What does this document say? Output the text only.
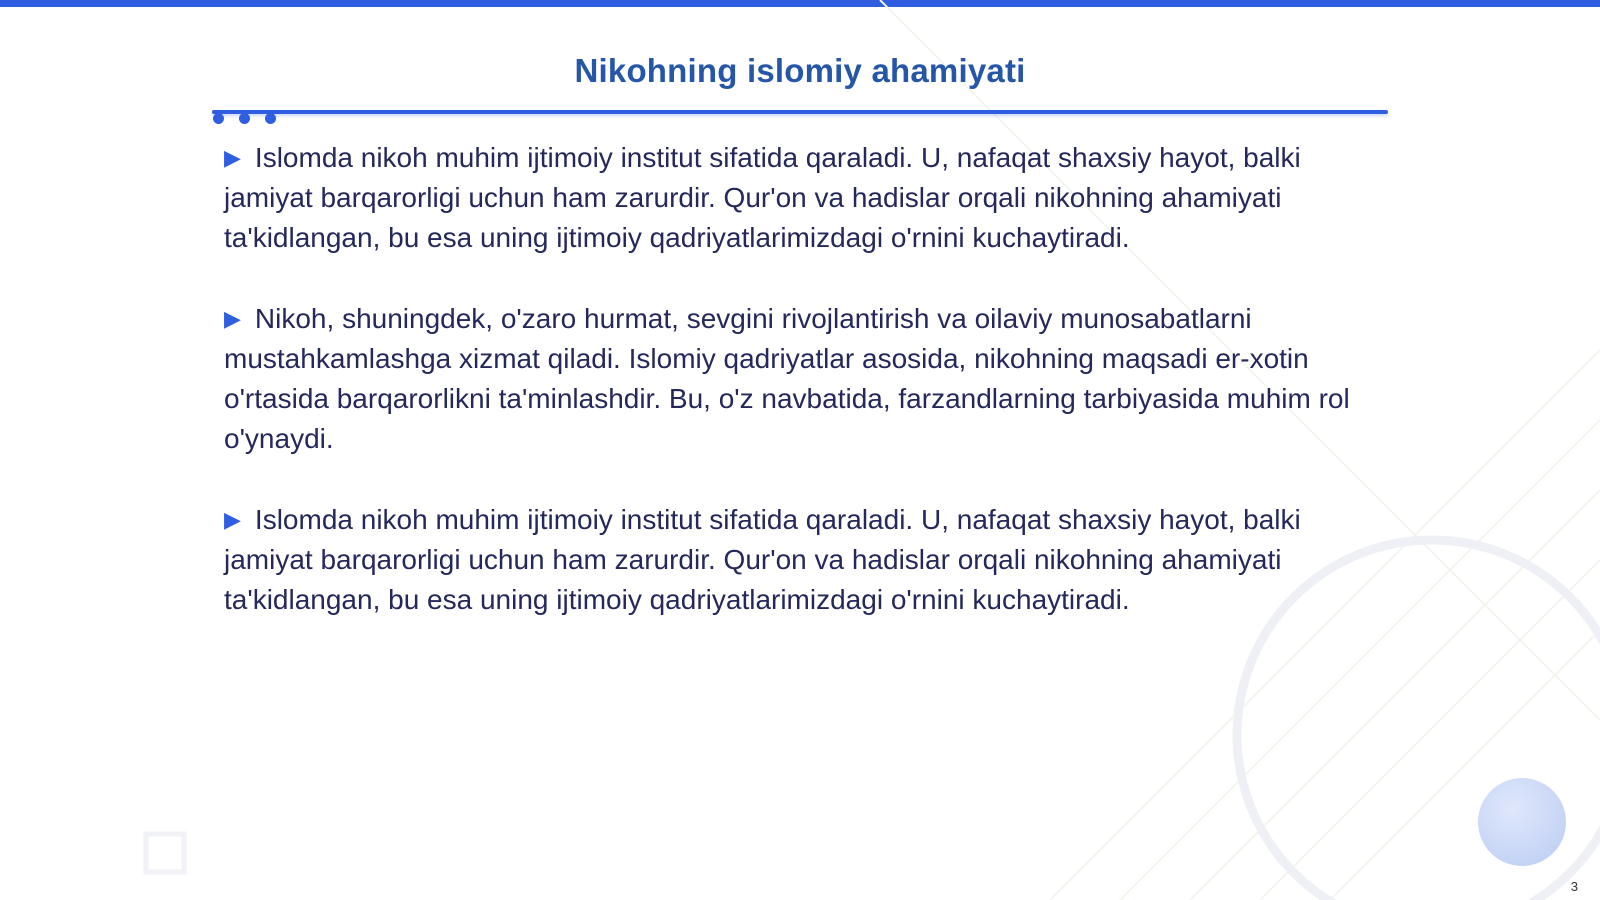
Nikohning islomiy ahamiyati

▶ Islomda nikoh muhim ijtimoiy institut sifatida qaraladi. U, nafaqat shaxsiy hayot, balki jamiyat barqarorligi uchun ham zarurdir. Qur'on va hadislar orqali nikohning ahamiyati ta'kidlangan, bu esa uning ijtimoiy qadriyatlarimizdagi o'rnini kuchaytiradi.

▶ Nikoh, shuningdek, o'zaro hurmat, sevgini rivojlantirish va oilaviy munosabatlarni mustahkamlashga xizmat qiladi. Islomiy qadriyatlar asosida, nikohning maqsadi er-xotin o'rtasida barqarorlikni ta'minlashdir. Bu, o'z navbatida, farzandlarning tarbiyasida muhim rol o'ynaydi.

▶ Islomda nikoh muhim ijtimoiy institut sifatida qaraladi. U, nafaqat shaxsiy hayot, balki jamiyat barqarorligi uchun ham zarurdir. Qur'on va hadislar orqali nikohning ahamiyati ta'kidlangan, bu esa uning ijtimoiy qadriyatlarimizdagi o'rnini kuchaytiradi.

3
